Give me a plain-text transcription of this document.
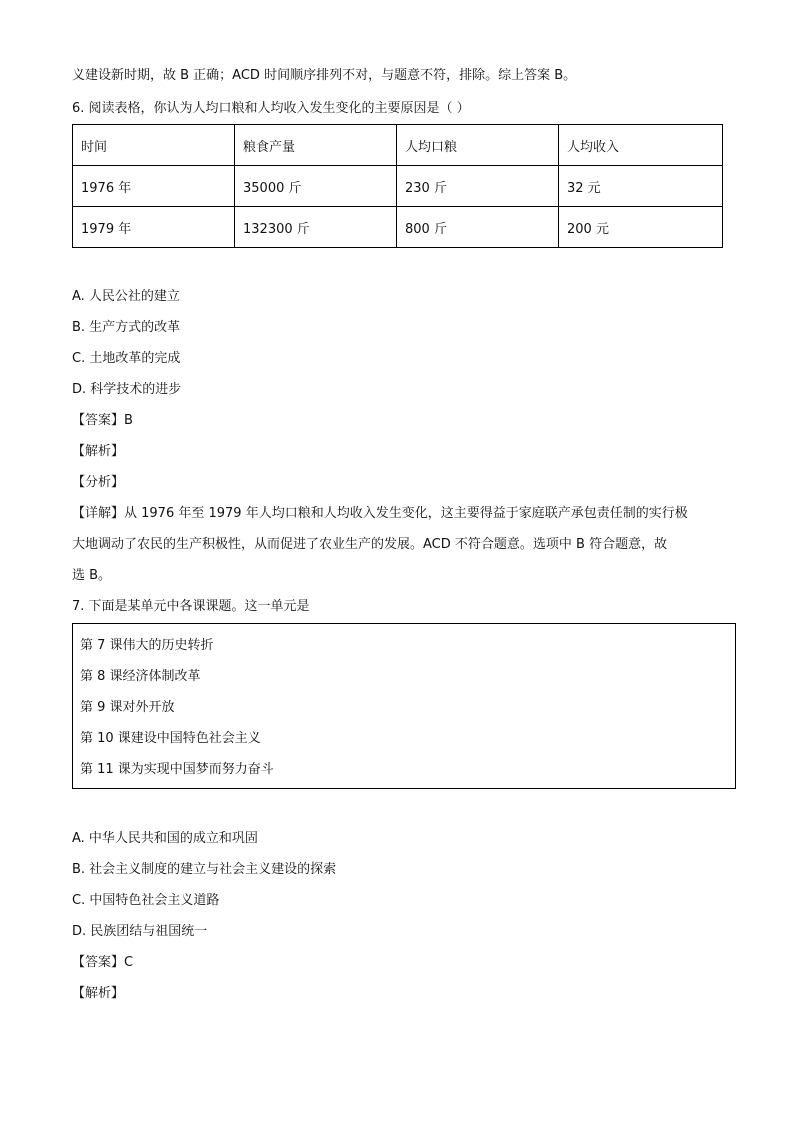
义建设新时期，故 B 正确；ACD 时间顺序排列不对，与题意不符，排除。综上答案 B。
6. 阅读表格，你认为人均口粮和人均收入发生变化的主要原因是（ ）
时间	粮食产量	人均口粮	人均收入
1976 年	35000 斤	230 斤	32 元
1979 年	132300 斤	800 斤	200 元
A. 人民公社的建立
B. 生产方式的改革
C. 土地改革的完成
D. 科学技术的进步
【答案】B
【解析】
【分析】
【详解】从 1976 年至 1979 年人均口粮和人均收入发生变化，这主要得益于家庭联产承包责任制的实行极
大地调动了农民的生产积极性，从而促进了农业生产的发展。ACD 不符合题意。选项中 B 符合题意，故
选 B。
7. 下面是某单元中各课课题。这一单元是
第 7 课伟大的历史转折
第 8 课经济体制改革
第 9 课对外开放
第 10 课建设中国特色社会主义
第 11 课为实现中国梦而努力奋斗
A. 中华人民共和国的成立和巩固
B. 社会主义制度的建立与社会主义建设的探索
C. 中国特色社会主义道路
D. 民族团结与祖国统一
【答案】C
【解析】
